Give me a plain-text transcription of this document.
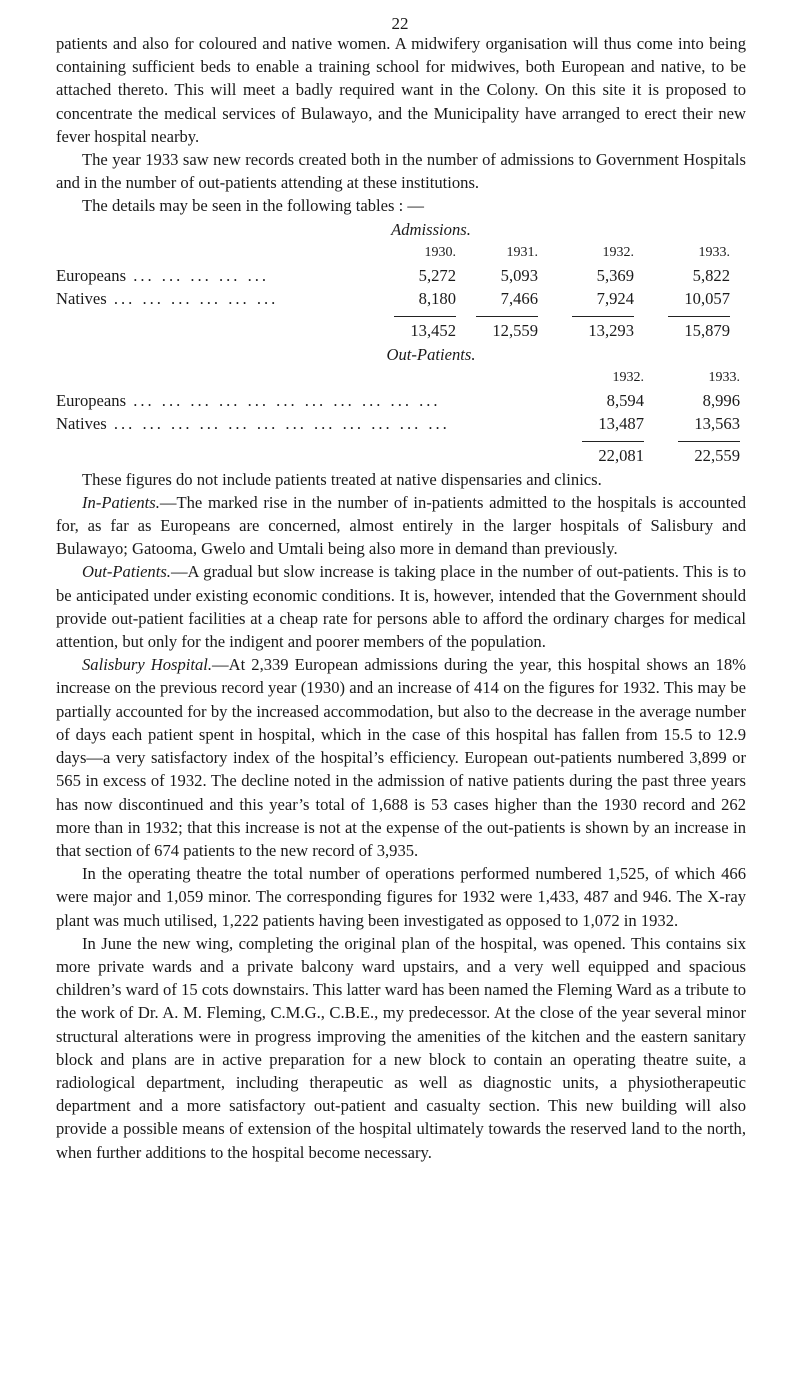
22

patients and also for coloured and native women. A midwifery organisation will thus come into being containing sufficient beds to enable a training school for midwives, both European and native, to be attached thereto. This will meet a badly required want in the Colony. On this site it is proposed to concentrate the medical services of Bulawayo, and the Municipality have arranged to erect their new fever hospital nearby.

The year 1933 saw new records created both in the number of admissions to Government Hospitals and in the number of out-patients attending at these institutions.

The details may be seen in the following tables : —

Admissions.
1930.	1931.	1932.	1933.
Europeans ... ... ... ... ...	5,272	5,093	5,369	5,822
Natives ... ... ... ... ... ...	8,180	7,466	7,924	10,057
13,452	12,559	13,293	15,879
Out-Patients.
1932.	1933.
Europeans ... ... ... ... ... ... ... ... ... ... ...	8,594	8,996
Natives ... ... ... ... ... ... ... ... ... ... ... ...	13,487	13,563
22,081	22,559

These figures do not include patients treated at native dispensaries and clinics.

In-Patients.—The marked rise in the number of in-patients admitted to the hospitals is accounted for, as far as Europeans are concerned, almost entirely in the larger hospitals of Salisbury and Bulawayo; Gatooma, Gwelo and Umtali being also more in demand than previously.

Out-Patients.—A gradual but slow increase is taking place in the number of out-patients. This is to be anticipated under existing economic conditions. It is, however, intended that the Government should provide out-patient facilities at a cheap rate for persons able to afford the ordinary charges for medical attention, but only for the indigent and poorer members of the population.

Salisbury Hospital.—At 2,339 European admissions during the year, this hospital shows an 18% increase on the previous record year (1930) and an increase of 414 on the figures for 1932. This may be partially accounted for by the increased accommodation, but also to the decrease in the average number of days each patient spent in hospital, which in the case of this hospital has fallen from 15.5 to 12.9 days—a very satisfactory index of the hospital’s efficiency. European out-patients numbered 3,899 or 565 in excess of 1932. The decline noted in the admission of native patients during the past three years has now discontinued and this year’s total of 1,688 is 53 cases higher than the 1930 record and 262 more than in 1932; that this increase is not at the expense of the out-patients is shown by an increase in that section of 674 patients to the new record of 3,935.

In the operating theatre the total number of operations performed numbered 1,525, of which 466 were major and 1,059 minor. The corresponding figures for 1932 were 1,433, 487 and 946. The X-ray plant was much utilised, 1,222 patients having been investigated as opposed to 1,072 in 1932.

In June the new wing, completing the original plan of the hospital, was opened. This contains six more private wards and a private balcony ward upstairs, and a very well equipped and spacious children’s ward of 15 cots downstairs. This latter ward has been named the Fleming Ward as a tribute to the work of Dr. A. M. Fleming, C.M.G., C.B.E., my predecessor. At the close of the year several minor structural alterations were in progress improving the amenities of the kitchen and the eastern sanitary block and plans are in active preparation for a new block to contain an operating theatre suite, a radiological department, including therapeutic as well as diagnostic units, a physiotherapeutic department and a more satisfactory out-patient and casualty section. This new building will also provide a possible means of extension of the hospital ultimately towards the reserved land to the north, when further additions to the hospital become necessary.
